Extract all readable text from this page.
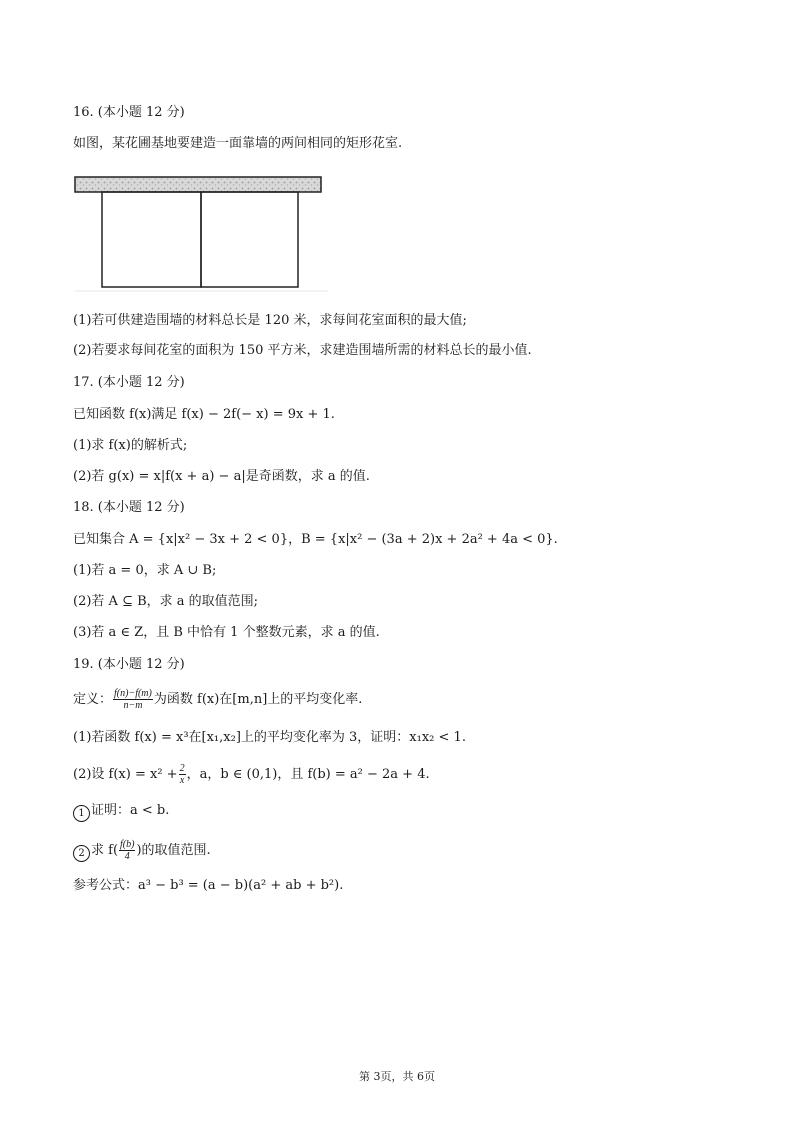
16. (本小题 12 分)
如图，某花圃基地要建造一面靠墙的两间相同的矩形花室.
(1)若可供建造围墙的材料总长是 120 米，求每间花室面积的最大值;
(2)若要求每间花室的面积为 150 平方米，求建造围墙所需的材料总长的最小值.
17. (本小题 12 分)
已知函数 f(x)满足 f(x) − 2f(− x) = 9x + 1.
(1)求 f(x)的解析式;
(2)若 g(x) = x|f(x + a) − a|是奇函数，求 a 的值.
18. (本小题 12 分)
已知集合 A = {x|x² − 3x + 2 < 0}，B = {x|x² − (3a + 2)x + 2a² + 4a < 0}.
(1)若 a = 0，求 A ∪ B;
(2)若 A ⊆ B，求 a 的取值范围;
(3)若 a ∈ Z，且 B 中恰有 1 个整数元素，求 a 的值.
19. (本小题 12 分)
定义： $\frac{f(n)-f(m)}{n-m}$ 为函数 f(x)在[m,n]上的平均变化率.
(1)若函数 f(x) = x³在[x₁,x₂]上的平均变化率为 3，证明：x₁x₂ < 1.
(2)设 $f(x) = x^2 + \frac{2}{x}$ ，a，b ∈ (0,1)，且 f(b) = a² − 2a + 4.
1 证明：a < b.
2 求 $f( \frac{f(b)}{4}$ )的取值范围.
参考公式：a³ − b³ = (a − b)(a² + ab + b²).
第 3页，共 6页
